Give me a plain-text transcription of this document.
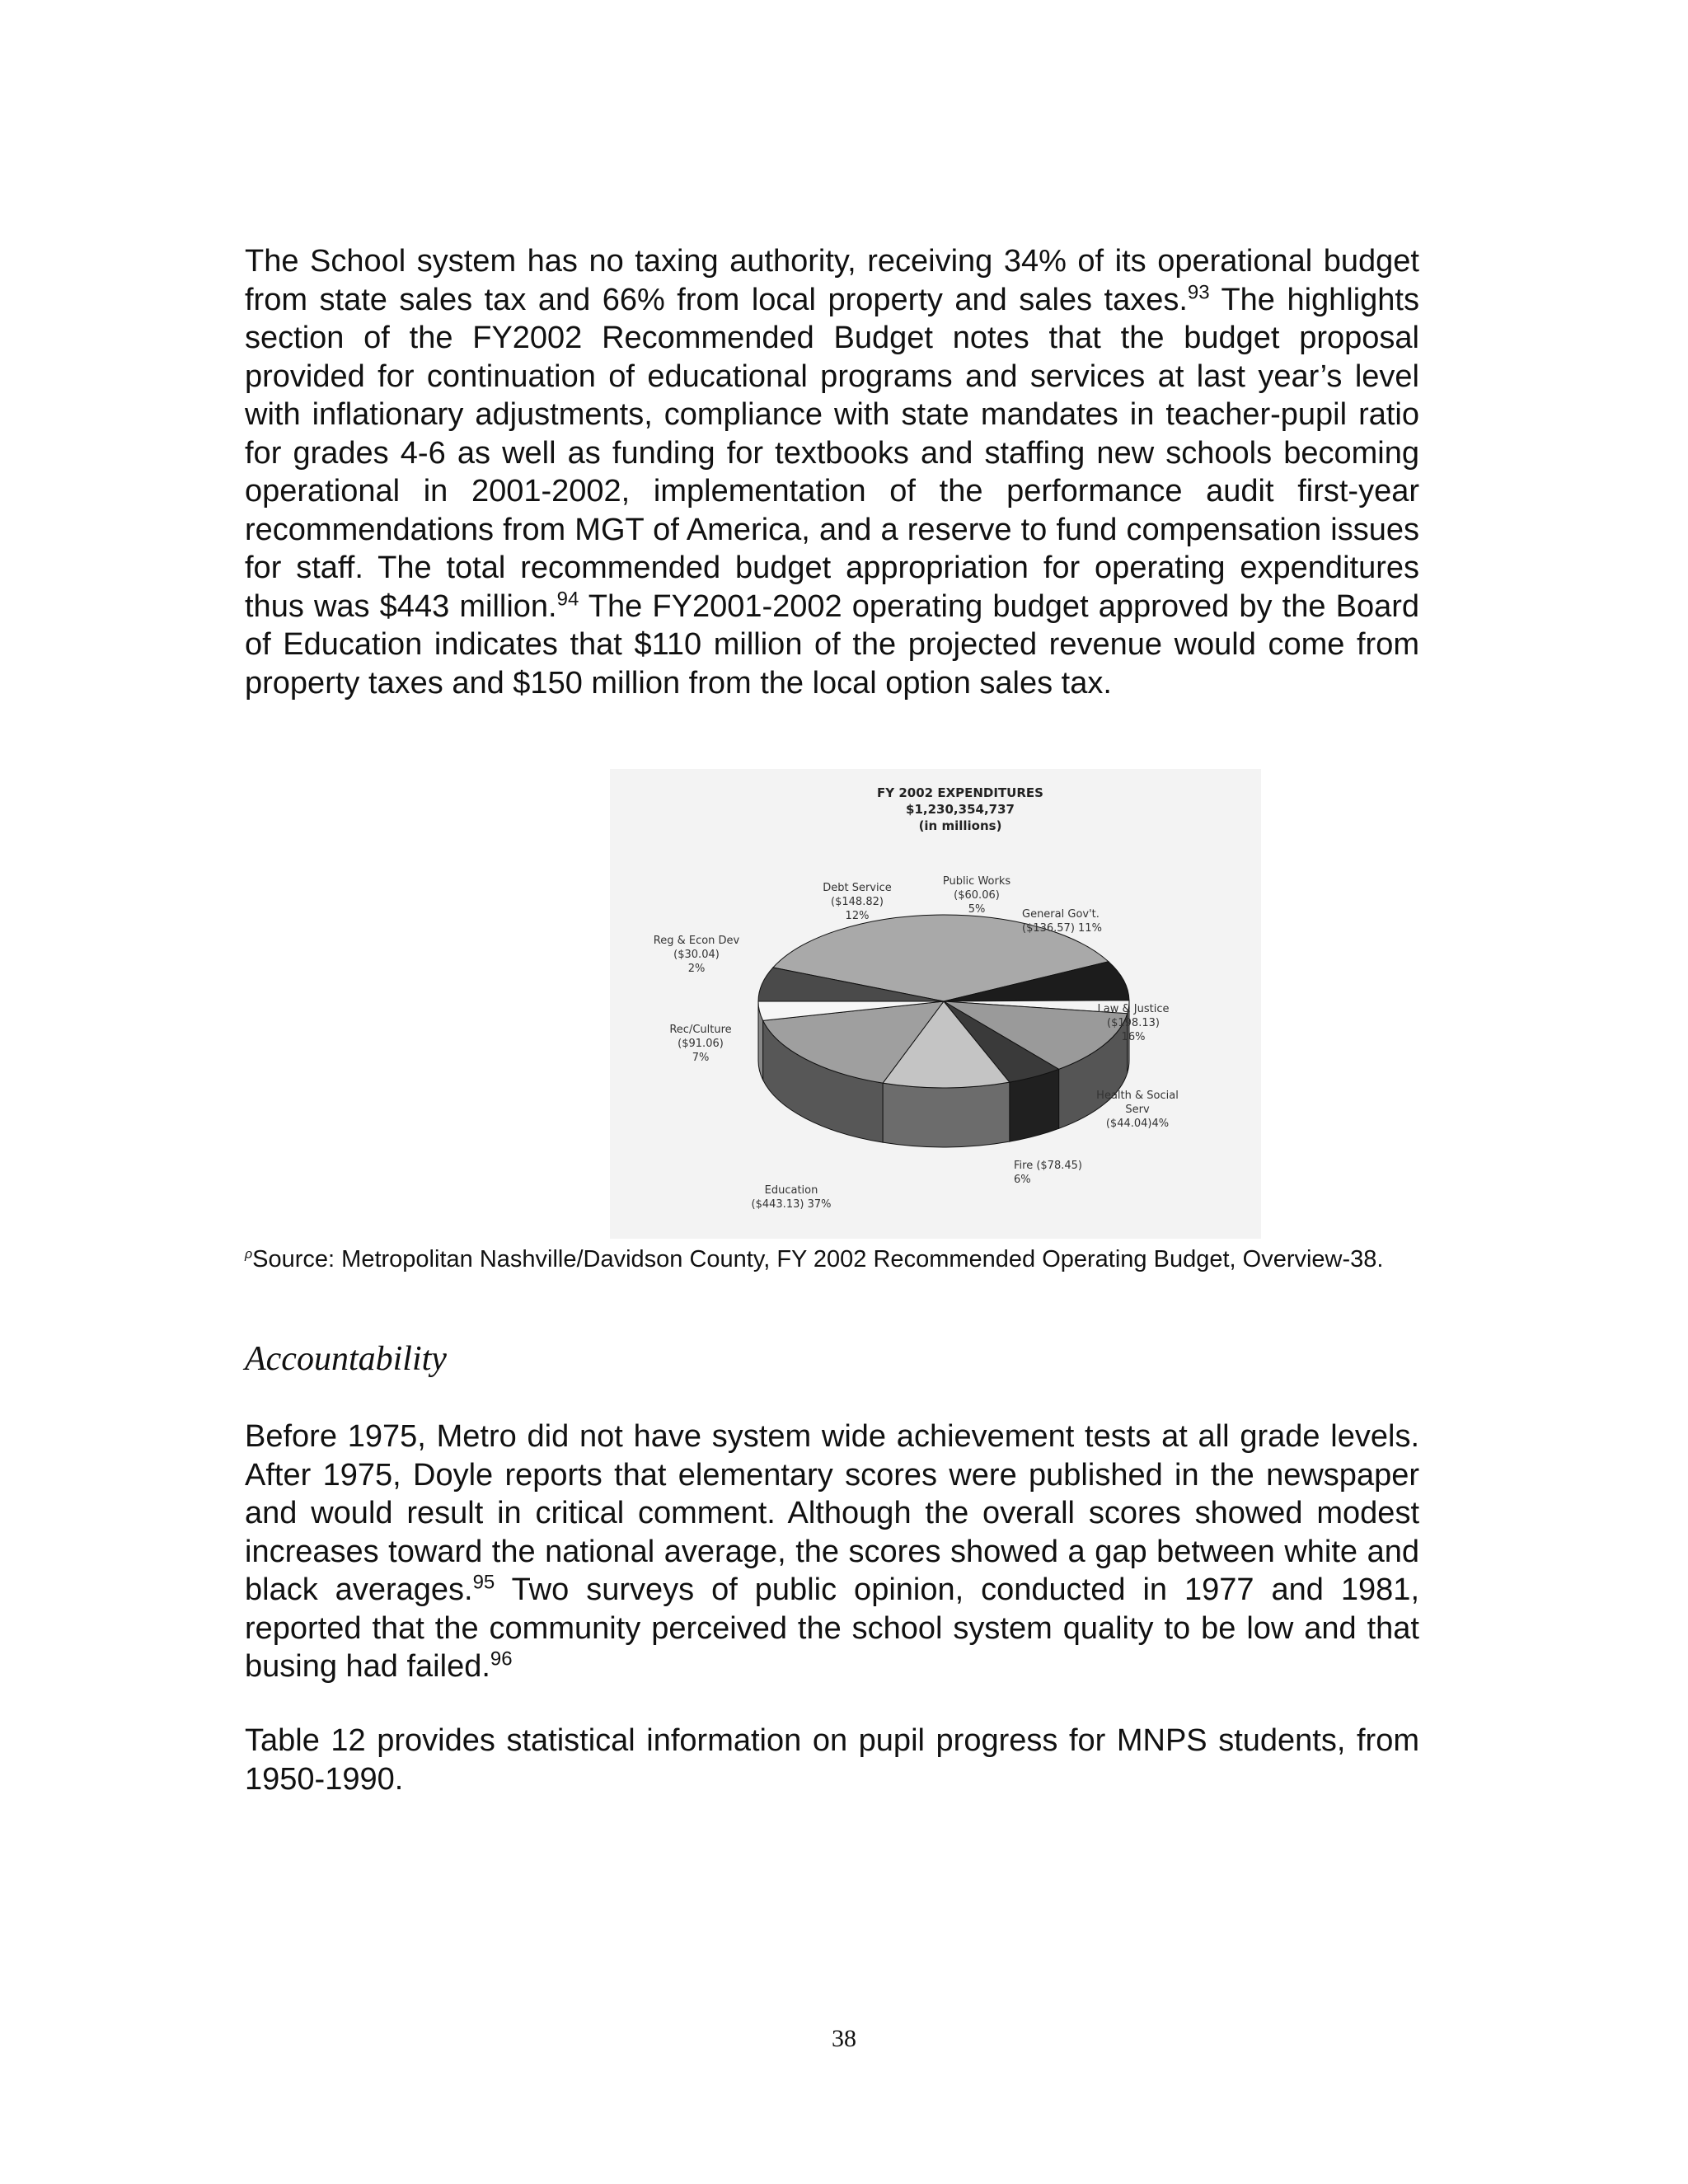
The School system has no taxing authority, receiving 34% of its operational budget from state sales tax and 66% from local property and sales taxes.$^{93}$ The highlights section of the FY2002 Recommended Budget notes that the budget proposal provided for continuation of educational programs and services at last year’s level with inflationary adjustments, compliance with state mandates in teacher-pupil ratio for grades 4-6 as well as funding for textbooks and staffing new schools becoming operational in 2001-2002, implementation of the performance audit first-year recommendations from MGT of America, and a reserve to fund compensation issues for staff. The total recommended budget appropriation for operating expenditures thus was $443 million.$^{94}$ The FY2001-2002 operating budget approved by the Board of Education indicates that $110 million of the projected revenue would come from property taxes and $150 million from the local option sales tax.

FY 2002 EXPENDITURES
$1,230,354,737
(in millions)
Education ($443.13) 37%
Rec/Culture ($91.06) 7%
Reg & Econ Dev ($30.04) 2%
Debt Service ($148.82) 12%
Public Works ($60.06) 5%	General Gov't. ($136.57) 11%
Law & Justice ($198.13) 16%
Health & Social Serv ($44.04)4%
Fire ($78.45) 6%

$^\rho$Source: Metropolitan Nashville/Davidson County, FY 2002 Recommended Operating Budget, Overview-38.

Accountability

Before 1975, Metro did not have system wide achievement tests at all grade levels. After 1975, Doyle reports that elementary scores were published in the newspaper and would result in critical comment. Although the overall scores showed modest increases toward the national average, the scores showed a gap between white and black averages.$^{95}$ Two surveys of public opinion, conducted in 1977 and 1981, reported that the community perceived the school system quality to be low and that busing had failed.$^{96}$

Table 12 provides statistical information on pupil progress for MNPS students, from 1950-1990.

38
